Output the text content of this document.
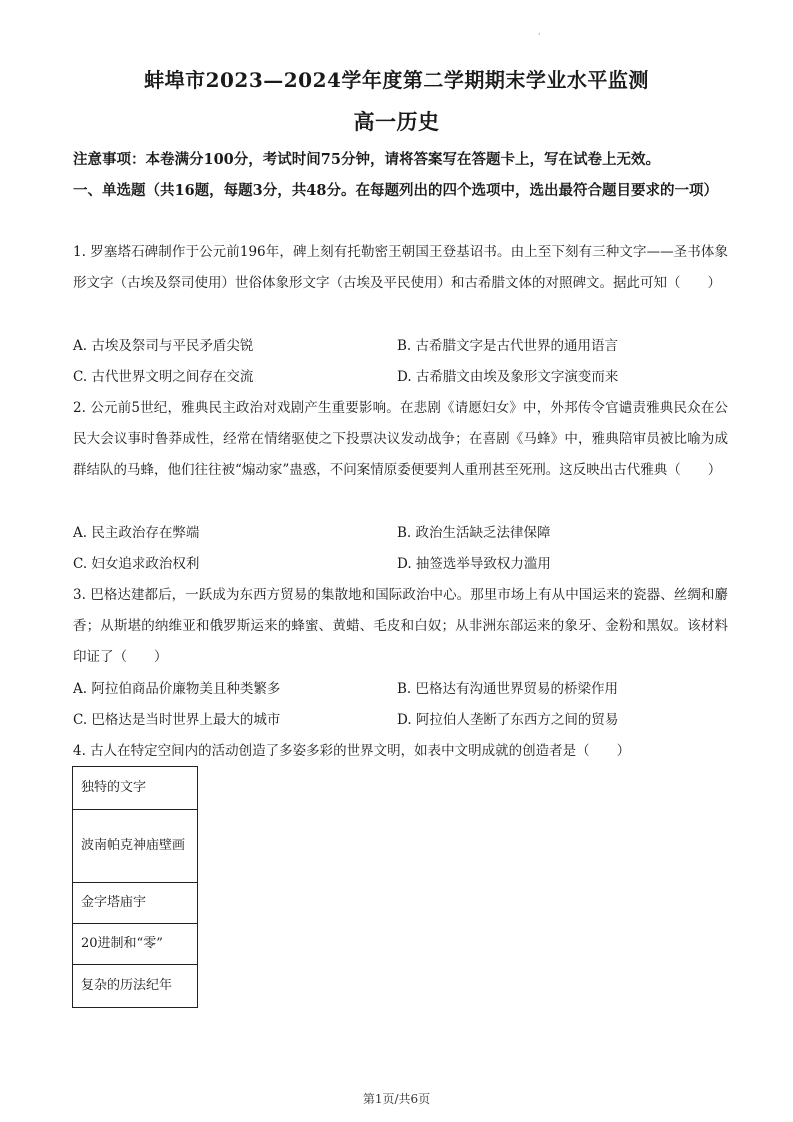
·
蚌埠市2023—2024学年度第二学期期末学业水平监测
高一历史
注意事项：本卷满分100分，考试时间75分钟，请将答案写在答题卡上，写在试卷上无效。
一、单选题（共16题，每题3分，共48分。在每题列出的四个选项中，选出最符合题目要求的一项）
1. 罗塞塔石碑制作于公元前196年，碑上刻有托勒密王朝国王登基诏书。由上至下刻有三种文字——圣书体象形文字（古埃及祭司使用）世俗体象形文字（古埃及平民使用）和古希腊文体的对照碑文。据此可知（　　）
A. 古埃及祭司与平民矛盾尖锐	B. 古希腊文字是古代世界的通用语言
C. 古代世界文明之间存在交流	D. 古希腊文由埃及象形文字演变而来
2. 公元前5世纪，雅典民主政治对戏剧产生重要影响。在悲剧《请愿妇女》中，外邦传令官谴责雅典民众在公民大会议事时鲁莽成性，经常在情绪驱使之下投票决议发动战争；在喜剧《马蜂》中，雅典陪审员被比喻为成群结队的马蜂，他们往往被“煽动家”蛊惑，不问案情原委便要判人重刑甚至死刑。这反映出古代雅典（　　）
A. 民主政治存在弊端	B. 政治生活缺乏法律保障
C. 妇女追求政治权利	D. 抽签选举导致权力滥用
3. 巴格达建都后，一跃成为东西方贸易的集散地和国际政治中心。那里市场上有从中国运来的瓷器、丝绸和麝香；从斯堪的纳维亚和俄罗斯运来的蜂蜜、黄蜡、毛皮和白奴；从非洲东部运来的象牙、金粉和黑奴。该材料印证了（　　）
A. 阿拉伯商品价廉物美且种类繁多	B. 巴格达有沟通世界贸易的桥梁作用
C. 巴格达是当时世界上最大的城市	D. 阿拉伯人垄断了东西方之间的贸易
4. 古人在特定空间内的活动创造了多姿多彩的世界文明，如表中文明成就的创造者是（　　）
独特的文字
波南帕克神庙壁画
金字塔庙宇
20进制和“零”
复杂的历法纪年
第1页/共6页
